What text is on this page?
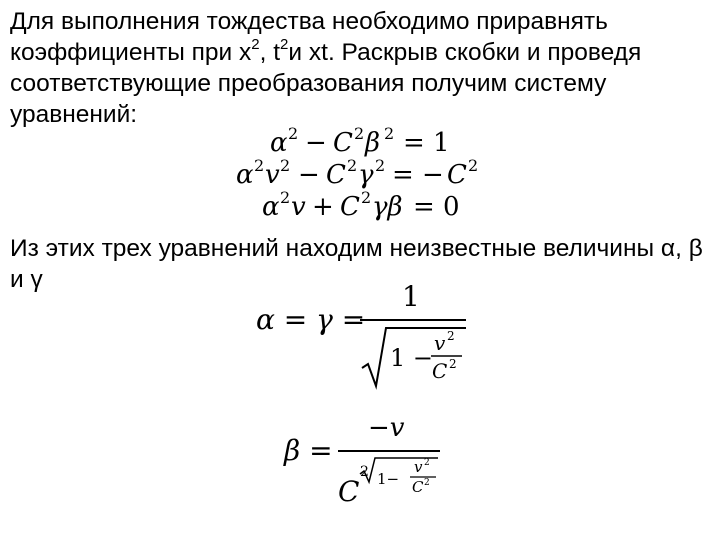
Для выполнения тождества необходимо приравнять коэффициенты при $x^2$, $t^2и$ xt. Раскрыв скобки и проведя соответствующие преобразования получим систему уравнений:
α 2 − C 2 β 2 = 1
α 2 v 2 − C 2 γ 2 = − C 2
α 2 v + C 2 γβ = 0
Из этих трех уравнений находим неизвестные величины α, β и γ
α = γ =
1
1 −
v 2
C 2
β =
−v
C
2 1−
v 2
C 2
